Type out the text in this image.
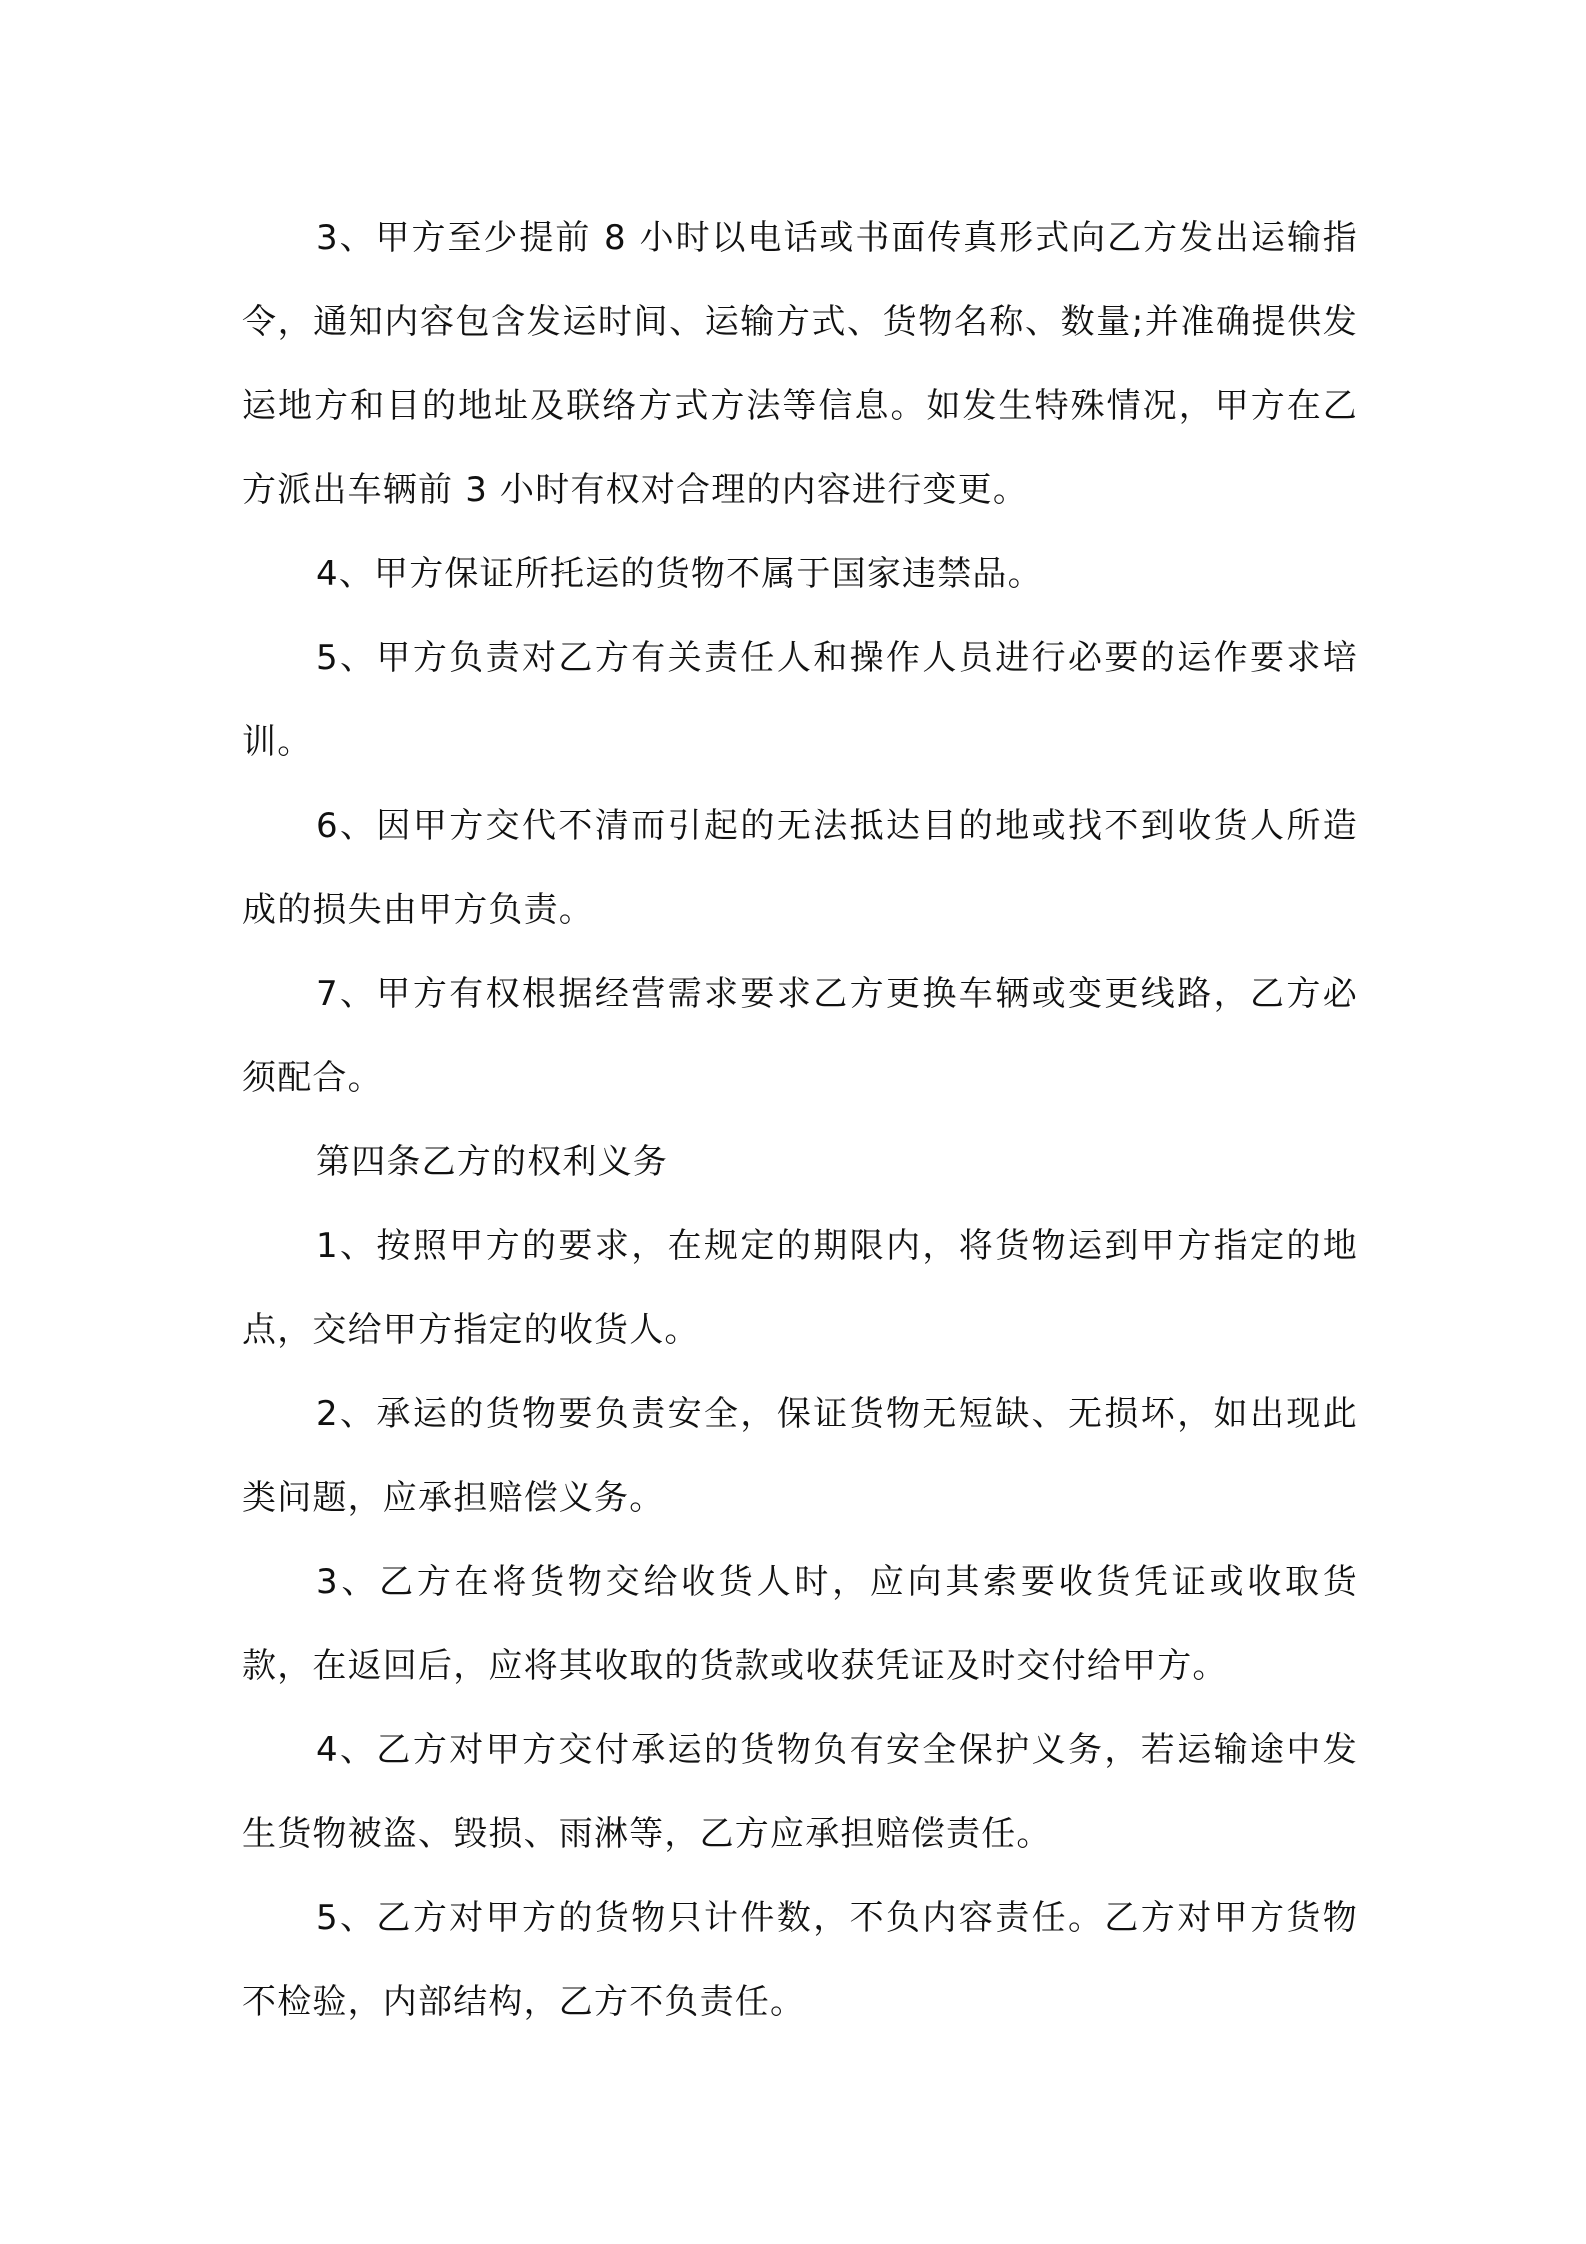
3、甲方至少提前 8 小时以电话或书面传真形式向乙方发出运输指令，通知内容包含发运时间、运输方式、货物名称、数量;并准确提供发运地方和目的地址及联络方式方法等信息。如发生特殊情况，甲方在乙方派出车辆前 3 小时有权对合理的内容进行变更。

4、甲方保证所托运的货物不属于国家违禁品。

5、甲方负责对乙方有关责任人和操作人员进行必要的运作要求培训。

6、因甲方交代不清而引起的无法抵达目的地或找不到收货人所造成的损失由甲方负责。

7、甲方有权根据经营需求要求乙方更换车辆或变更线路，乙方必须配合。

第四条乙方的权利义务

1、按照甲方的要求，在规定的期限内，将货物运到甲方指定的地点，交给甲方指定的收货人。

2、承运的货物要负责安全，保证货物无短缺、无损坏，如出现此类问题，应承担赔偿义务。

3、乙方在将货物交给收货人时，应向其索要收货凭证或收取货款，在返回后，应将其收取的货款或收获凭证及时交付给甲方。

4、乙方对甲方交付承运的货物负有安全保护义务，若运输途中发生货物被盗、毁损、雨淋等，乙方应承担赔偿责任。

5、乙方对甲方的货物只计件数，不负内容责任。乙方对甲方货物不检验，内部结构，乙方不负责任。
